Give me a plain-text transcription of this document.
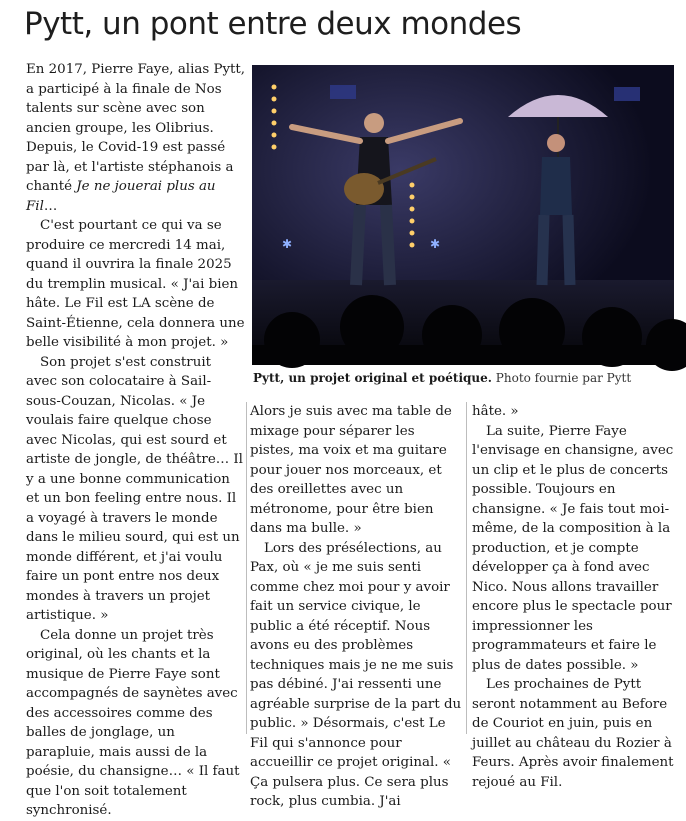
Pytt, un pont entre deux mondes

En 2017, Pierre Faye, alias Pytt, a participé à la finale de Nos talents sur scène avec son ancien groupe, les Olibrius. Depuis, le Covid-19 est passé par là, et l'artiste stéphanois a chanté Je ne jouerai plus au Fil…

C'est pourtant ce qui va se produire ce mercredi 14 mai, quand il ouvrira la finale 2025 du tremplin musical. « J'ai bien hâte. Le Fil est LA scène de Saint-Étienne, cela donnera une belle visibilité à mon projet. »

Son projet s'est construit avec son colocataire à Sail-sous-Couzan, Nicolas. « Je voulais faire quelque chose avec Nicolas, qui est sourd et artiste de jongle, de théâtre… Il y a une bonne communication et un bon feeling entre nous. Il a voyagé à travers le monde dans le milieu sourd, qui est un monde différent, et j'ai voulu faire un pont entre nos deux mondes à travers un projet artistique. »

Cela donne un projet très original, où les chants et la musique de Pierre Faye sont accompagnés de saynètes avec des accessoires comme des balles de jonglage, un parapluie, mais aussi de la poésie, du chansigne… « Il faut que l'on soit totalement synchronisé.

Alors je suis avec ma table de mixage pour séparer les pistes, ma voix et ma guitare pour jouer nos morceaux, et des oreillettes avec un métronome, pour être bien dans ma bulle. »

Lors des présélections, au Pax, où « je me suis senti comme chez moi pour y avoir fait un service civique, le public a été réceptif. Nous avons eu des problèmes techniques mais je ne me suis pas débiné. J'ai ressenti une agréable surprise de la part du public. » Désormais, c'est Le Fil qui s'annonce pour accueillir ce projet original. « Ça pulsera plus. Ce sera plus rock, plus cumbia. J'ai

hâte. »

La suite, Pierre Faye l'envisage en chansigne, avec un clip et le plus de concerts possible. Toujours en chansigne. « Je fais tout moi-même, de la composition à la production, et je compte développer ça à fond avec Nico. Nous allons travailler encore plus le spectacle pour impressionner les programmateurs et faire le plus de dates possible. »

Les prochaines de Pytt seront notamment au Before de Couriot en juin, puis en juillet au château du Rozier à Feurs. Après avoir finalement rejoué au Fil.

✱	✱
Pytt, un projet original et poétique. Photo fournie par Pytt
